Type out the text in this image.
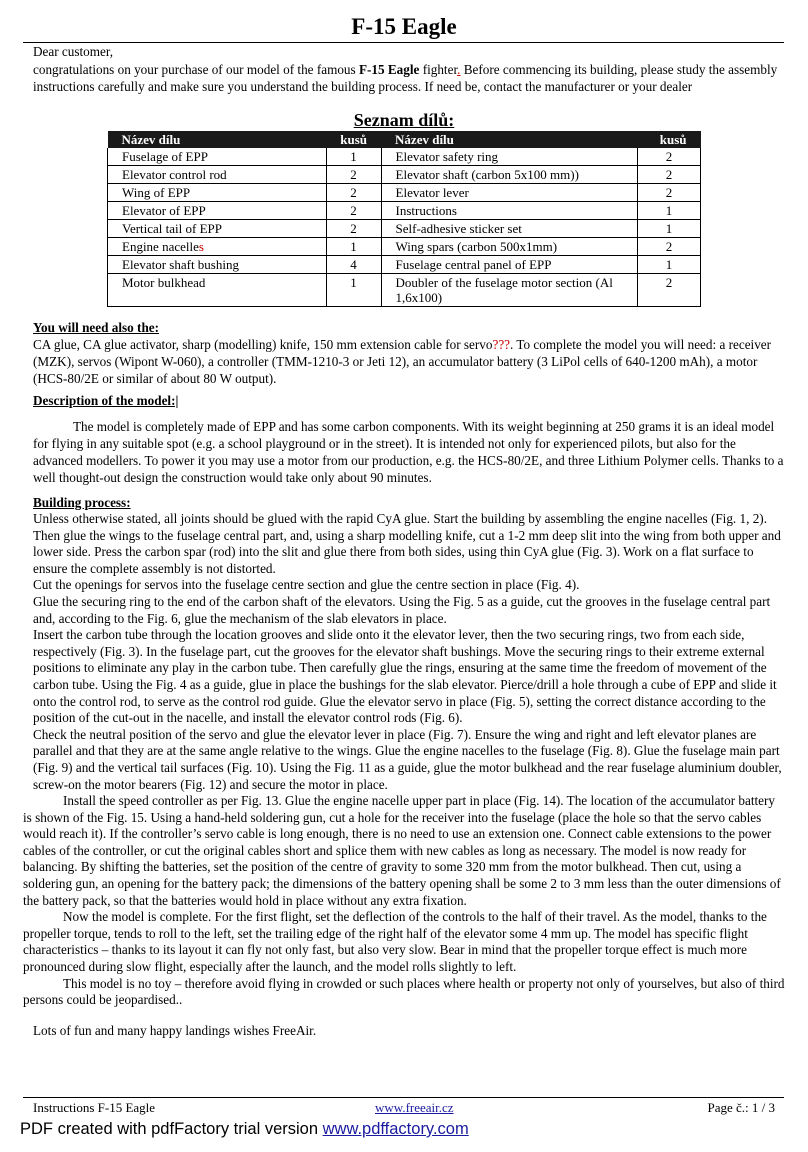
F-15 Eagle
Dear customer,
congratulations on your purchase of our model of the famous F-15 Eagle fighter. Before commencing its building, please study the assembly instructions carefully and make sure you understand the building process. If need be, contact the manufacturer or your dealer
Seznam dílů:
Název dílu	kusů	Název dílu	kusů
Fuselage of EPP	1	Elevator safety ring	2
Elevator control rod	2	Elevator shaft (carbon 5x100 mm))	2
Wing of EPP	2	Elevator lever	2
Elevator of EPP	2	Instructions	1
Vertical tail of EPP	2	Self-adhesive sticker set	1
Engine nacelles	1	Wing spars (carbon 500x1mm)	2
Elevator shaft bushing	4	Fuselage central panel of EPP	1
Motor bulkhead	1	Doubler of the fuselage motor section (Al 1,6x100)	2
You will need also the:
CA glue, CA glue activator, sharp (modelling) knife, 150 mm extension cable for servo???. To complete the model you will need: a receiver (MZK), servos (Wipont W-060), a controller (TMM-1210-3 or Jeti 12), an accumulator battery (3 LiPol cells of 640-1200 mAh), a motor (HCS-80/2E or similar of about 80 W output).
Description of the model:|

The model is completely made of EPP and has some carbon components. With its weight beginning at 250 grams it is an ideal model for flying in any suitable spot (e.g. a school playground or in the street). It is intended not only for experienced pilots, but also for the advanced modellers. To power it you may use a motor from our production, e.g. the HCS-80/2E, and three Lithium Polymer cells. Thanks to a well thought-out design the construction would take only about 90 minutes.

Building process:

Unless otherwise stated, all joints should be glued with the rapid CyA glue. Start the building by assembling the engine nacelles (Fig. 1, 2). Then glue the wings to the fuselage central part, and, using a sharp modelling knife, cut a 1-2 mm deep slit into the wing from both upper and lower side. Press the carbon spar (rod) into the slit and glue there from both sides, using thin CyA glue (Fig. 3). Work on a flat surface to ensure the complete assembly is not distorted.

Cut the openings for servos into the fuselage centre section and glue the centre section in place (Fig. 4).

Glue the securing ring to the end of the carbon shaft of the elevators. Using the Fig. 5 as a guide, cut the grooves in the fuselage central part and, according to the Fig. 6, glue the mechanism of the slab elevators in place.

Insert the carbon tube through the location grooves and slide onto it the elevator lever, then the two securing rings, two from each side, respectively (Fig. 3). In the fuselage part, cut the grooves for the elevator shaft bushings. Move the securing rings to their extreme external positions to eliminate any play in the carbon tube. Then carefully glue the rings, ensuring at the same time the freedom of movement of the carbon tube. Using the Fig. 4 as a guide, glue in place the bushings for the slab elevator. Pierce/drill a hole through a cube of EPP and slide it onto the control rod, to serve as the control rod guide. Glue the elevator servo in place (Fig. 5), setting the correct distance according to the position of the cut-out in the nacelle, and install the elevator control rods (Fig. 6).

Check the neutral position of the servo and glue the elevator lever in place (Fig. 7). Ensure the wing and right and left elevator planes are parallel and that they are at the same angle relative to the wings. Glue the engine nacelles to the fuselage (Fig. 8). Glue the fuselage main part (Fig. 9) and the vertical tail surfaces (Fig. 10). Using the Fig. 11 as a guide, glue the motor bulkhead and the rear fuselage aluminium doubler, screw-on the motor bearers (Fig. 12) and secure the motor in place.

Install the speed controller as per Fig. 13. Glue the engine nacelle upper part in place (Fig. 14). The location of the accumulator battery is shown of the Fig. 15. Using a hand-held soldering gun, cut a hole for the receiver into the fuselage (place the hole so that the servo cables would reach it). If the controller’s servo cable is long enough, there is no need to use an extension one. Connect cable extensions to the power cables of the controller, or cut the original cables short and splice them with new cables as long as necessary. The model is now ready for balancing. By shifting the batteries, set the position of the centre of gravity to some 320 mm from the motor bulkhead. Then cut, using a soldering gun, an opening for the battery pack; the dimensions of the battery opening shall be some 2 to 3 mm less than the outer dimensions of the battery pack, so that the batteries would hold in place without any extra fixation.

Now the model is complete. For the first flight, set the deflection of the controls to the half of their travel. As the model, thanks to the propeller torque, tends to roll to the left, set the trailing edge of the right half of the elevator some 4 mm up. The model has specific flight characteristics – thanks to its layout it can fly not only fast, but also very slow. Bear in mind that the propeller torque effect is much more pronounced during slow flight, especially after the launch, and the model rolls slightly to left.

This model is no toy – therefore avoid flying in crowded or such places where health or property not only of yourselves, but also of third persons could be jeopardised..

Lots of fun and many happy landings wishes FreeAir.

Instructions F-15 Eagle	www.freeair.cz	Page č.: 1 / 3
PDF created with pdfFactory trial version www.pdffactory.com
